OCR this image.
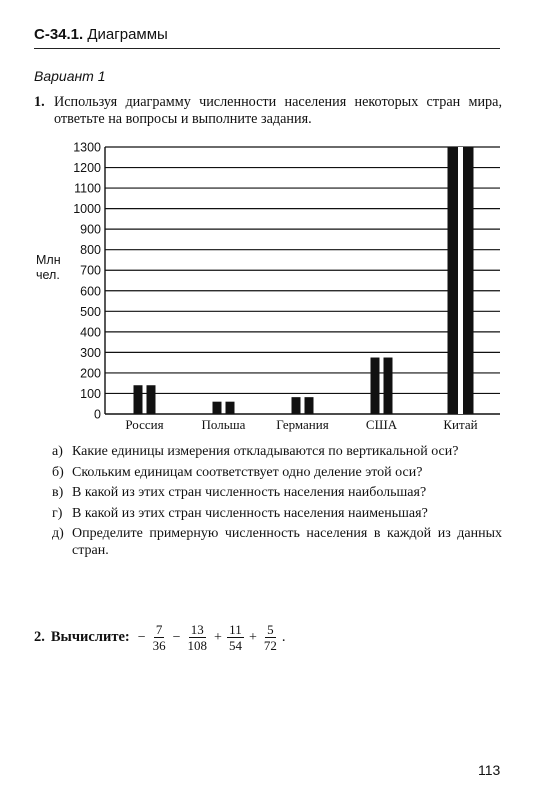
С-34.1. Диаграммы
Вариант 1
1. Используя диаграмму численности населения некоторых стран мира, ответьте на вопросы и выполните задания.
0
100
200
300
400
500
600
700
800
900
1000
1100
1200
1300
Млн
чел.
Россия	Польша Германия	США	Китай
а) Какие единицы измерения откладываются по вертикальной оси?
б) Скольким единицам соответствует одно деление этой оси?
в) В какой из этих стран численность населения наибольшая?
г) В какой из этих стран численность населения наименьшая?
д) Определите примерную численность населения в каждой из данных стран.
2. Вычислите: − $\frac{7}{36} - \frac{13}{108} + \frac{11}{54} + \frac{5}{72}$ .
113
